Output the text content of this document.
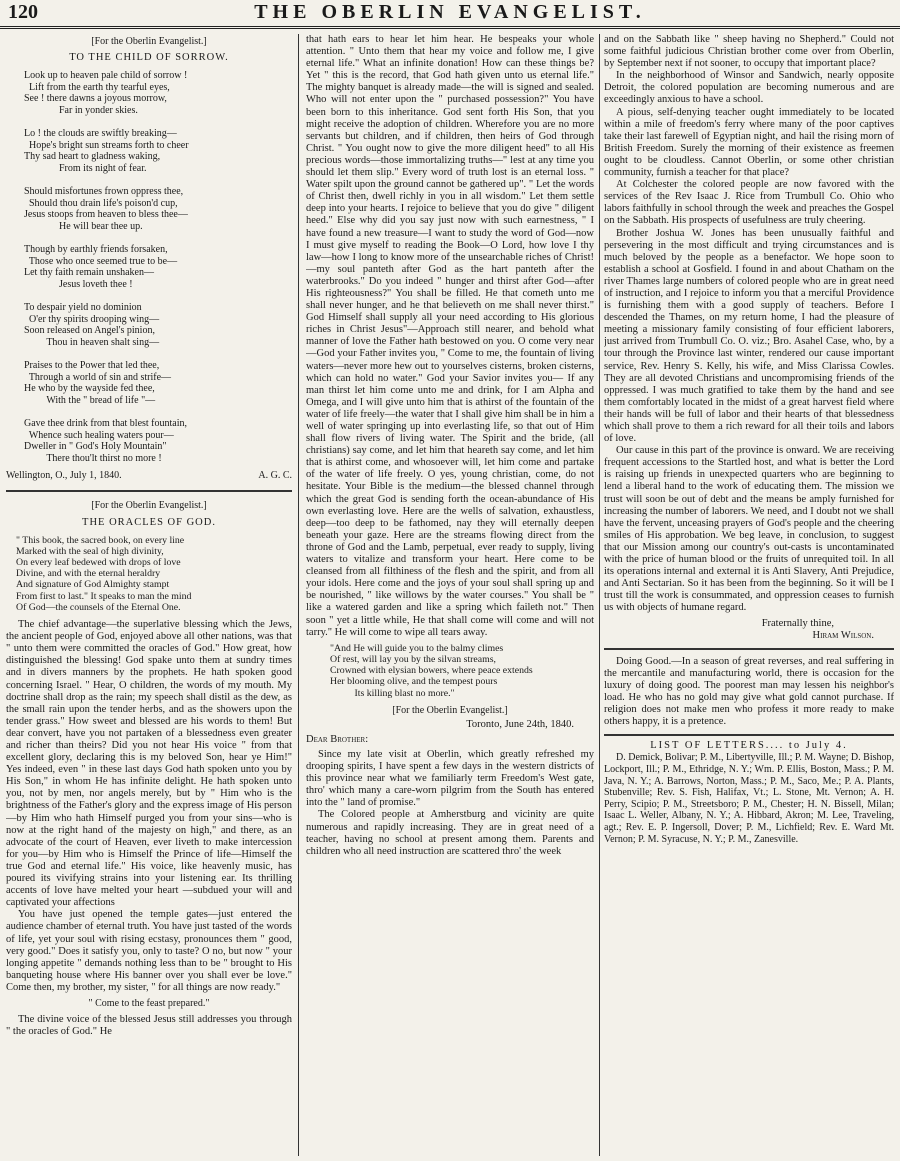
120	THE OBERLIN EVANGELIST.
[For the Oberlin Evangelist.]
TO THE CHILD OF SORROW.
Look up to heaven pale child of sorrow !
Lift from the earth thy tearful eyes,
See ! there dawns a joyous morrow,
Far in yonder skies.

Lo ! the clouds are swiftly breaking—
Hope's bright sun streams forth to cheer
Thy sad heart to gladness waking,
From its night of fear.

Should misfortunes frown oppress thee,
Should thou drain life's poison'd cup,
Jesus stoops from heaven to bless thee—
He will bear thee up.

Though by earthly friends forsaken,
Those who once seemed true to be—
Let thy faith remain unshaken—
Jesus loveth thee !

To despair yield no dominion
O'er thy spirits drooping wing—
Soon released on Angel's pinion,
Thou in heaven shalt sing—

Praises to the Power that led thee,
Through a world of sin and strife—
He who by the wayside fed thee,
With the " bread of life "—

Gave thee drink from that blest fountain,
Whence such healing waters pour—
Dweller in " God's Holy Mountain"
There thou'lt thirst no more !
Wellington, O., July 1, 1840.	A. G. C.
[For the Oberlin Evangelist.]
THE ORACLES OF GOD.
" This book, the sacred book, on every line
Marked with the seal of high divinity,
On every leaf bedewed with drops of love
Divine, and with the eternal heraldry
And signature of God Almighty stampt
From first to last." It speaks to man the mind
Of God—the counsels of the Eternal One.

The chief advantage—the superlative blessing which the Jews, the ancient people of God, enjoyed above all other nations, was that " unto them were committed the oracles of God." How great, how distinguished the blessing! God spake unto them at sundry times and in divers manners by the prophets. He hath spoken good concerning Israel. " Hear, O children, the words of my mouth. My doctrine shall drop as the rain; my speech shall distil as the dew, as the small rain upon the tender herbs, and as the showers upon the tender grass." How sweet and blessed are his words to them! But dear convert, have you not partaken of a blessedness even greater and richer than theirs? Did you not hear His voice " from that excellent glory, declaring this is my beloved Son, hear ye Him!" Yes indeed, even " in these last days God hath spoken unto you by His Son," in whom He has infinite delight. He hath spoken unto you, not by men, nor angels merely, but by " Him who is the brightness of the Father's glory and the express image of His person—by Him who hath Himself purged you from your sins—who is now at the right hand of the majesty on high," and there, as an advocate of the court of Heaven, ever liveth to make intercession for you—by Him who is Himself the Prince of life—Himself the true God and eternal life." His voice, like heavenly music, has poured its vivifying strains into your listening ear. Its thrilling accents of love have melted your heart —subdued your will and captivated your affections

You have just opened the temple gates—just entered the audience chamber of eternal truth. You have just tasted of the words of life, yet your soul with rising ecstasy, pronounces them " good, very good." Does it satisfy you, only to taste? O no, but now " your longing appetite " demands nothing less than to be " brought to His banqueting house where His banner over you shall ever be love." Come then, my brother, my sister, " for all things are now ready."

" Come to the feast prepared."

The divine voice of the blessed Jesus still addresses you through " the oracles of God." He

that hath ears to hear let him hear. He bespeaks your whole attention. " Unto them that hear my voice and follow me, I give eternal life." What an infinite donation! How can these things be? Yet " this is the record, that God hath given unto us eternal life." The mighty banquet is already made—the will is signed and sealed. Who will not enter upon the " purchased possession?" You have been born to this inheritance. God sent forth His Son, that you might receive the adoption of children. Wherefore you are no more servants but children, and if children, then heirs of God through Christ. " You ought now to give the more diligent heed" to all His precious words—those immortalizing truths—" lest at any time you should let them slip." Every word of truth lost is an eternal loss. " Water spilt upon the ground cannot be gathered up". " Let the words of Christ then, dwell richly in you in all wisdom." Let them settle deep into your hearts. I rejoice to believe that you do give " diligent heed." Else why did you say just now with such earnestness, " I have found a new treasure—I want to study the word of God—now I must give myself to reading the Book—O Lord, how love I thy law—how I long to know more of the unsearchable riches of Christ!—my soul panteth after God as the hart panteth after the waterbrooks." Do you indeed " hunger and thirst after God—after His righteousness?" You shall be filled. He that cometh unto me shall never hunger, and he that believeth on me shall never thirst." God Himself shall supply all your need according to His glorious riches in Christ Jesus"—Approach still nearer, and behold what manner of love the Father hath bestowed on you. O come very near —God your Father invites you, " Come to me, the fountain of living waters—never more hew out to yourselves cisterns, broken cisterns, which can hold no water." God your Savior invites you— If any man thirst let him come unto me and drink, for I am Alpha and Omega, and I will give unto him that is athirst of the fountain of the water of life freely—the water that I shall give him shall be in him a well of water springing up into everlasting life, so that out of Him shall flow rivers of living water. The Spirit and the bride, (all christians) say come, and let him that heareth say come, and let him that is athirst come, and whosoever will, let him come and partake of the water of life freely. O yes, young christian, come, do not hesitate. Your Bible is the medium—the blessed channel through which the great God is sending forth the ocean-abundance of His own everlasting love. Here are the wells of salvation, exhaustless, deep—too deep to be fathomed, nay they will eternally deepen beneath your gaze. Here are the streams flowing direct from the throne of God and the Lamb, perpetual, ever ready to supply, living waters to vitalize and transform your heart. Here come to be cleansed from all filthiness of the flesh and the spirit, and from all your idols. Here come and the joys of your soul shall spring up and be nourished, " like willows by the water courses." You shall be " like a watered garden and like a spring which faileth not." Then soon " yet a little while, He that shall come will come and will not tarry." He will come to wipe all tears away.

"And He will guide you to the balmy climes
Of rest, will lay you by the silvan streams,
Crowned with elysian bowers, where peace extends
Her blooming olive, and the tempest pours
Its killing blast no more."
[For the Oberlin Evangelist.]
Toronto, June 24th, 1840.
Dear Brother:

Since my late visit at Oberlin, which greatly refreshed my drooping spirits, I have spent a few days in the western districts of this province near what we familiarly term Freedom's West gate, thro' which many a care-worn pilgrim from the South has entered into the " land of promise."

The Colored people at Amherstburg and vicinity are quite numerous and rapidly increasing. They are in great need of a teacher, having no school at present among them. Parents and children who all need instruction are scattered thro' the week

and on the Sabbath like " sheep having no Shepherd." Could not some faithful judicious Christian brother come over from Oberlin, by September next if not sooner, to occupy that important place?

In the neighborhood of Winsor and Sandwich, nearly opposite Detroit, the colored population are becoming numerous and are exceedingly anxious to have a school.

A pious, self-denying teacher ought immediately to be located within a mile of freedom's ferry where many of the poor captives take their last farewell of Egyptian night, and hail the rising morn of British Freedom. Surely the morning of their existence as freemen ought to be cloudless. Cannot Oberlin, or some other christian community, furnish a teacher for that place?

At Colchester the colored people are now favored with the services of the Rev Isaac J. Rice from Trumbull Co. Ohio who labors faithfully in school through the week and preaches the Gospel on the Sabbath. His prospects of usefulness are truly cheering.

Brother Joshua W. Jones has been unusually faithful and persevering in the most difficult and trying circumstances and is much beloved by the people as a benefactor. We hope soon to establish a school at Gosfield. I found in and about Chatham on the river Thames large numbers of colored people who are in great need of instruction, and I rejoice to inform you that a merciful Providence is furnishing them with a good supply of teachers. Before I descended the Thames, on my return home, I had the pleasure of meeting a missionary family consisting of four efficient laborers, just arrived from Trumbull Co. O. viz.; Bro. Asahel Case, who, by a tour through the Province last winter, rendered our cause important service, Rev. Henry S. Kelly, his wife, and Miss Clarissa Cowles. They are all devoted Christians and uncompromising friends of the oppressed. I was much gratified to take them by the hand and see them comfortably located in the midst of a great harvest field where their hands will be full of labor and their hearts of that blessedness which shall prove to them a rich reward for all their toils and labors of love.

Our cause in this part of the province is onward. We are receiving frequent accessions to the Startled host, and what is better the Lord is raising up friends in unexpected quarters who are beginning to lend a liberal hand to the work of educating them. The mission we trust will soon be out of debt and the means be amply furnished for increasing the number of laborers. We need, and I doubt not we shall have the fervent, unceasing prayers of God's people and the cheering smiles of His approbation. We beg leave, in conclusion, to suggest that our Mission among our country's out-casts is uncontaminated with the price of human blood or the fruits of unrequited toil. In all its operations internal and external it is Anti Slavery, Anti Prejudice, and Anti Sectarian. So it has been from the beginning. So it will be I trust till the work is consummated, and oppression ceases to furnish us with objects of humane regard.

Fraternally thine,
Hiram Wilson.

Doing Good.—In a season of great reverses, and real suffering in the mercantile and manufacturing world, there is occasion for the luxury of doing good. The poorest man may lessen his neighbor's load. He who has no gold may give what gold cannot purchase. If religion does not make men who profess it more ready to make others happy, it is a pretence.

LIST OF LETTERS.... to July 4.

D. Demick, Bolivar; P. M., Libertyville, Ill.; P. M. Wayne; D. Bishop, Lockport, Ill.; P. M., Ethridge, N. Y.; Wm. P. Ellis, Boston, Mass.; P. M. Java, N. Y.; A. Barrows, Norton, Mass.; P. M., Saco, Me.; P. A. Plants, Stubenville; Rev. S. Fish, Halifax, Vt.; L. Stone, Mt. Vernon; A. H. Perry, Scipio; P. M., Streetsboro; P. M., Chester; H. N. Bissell, Milan; Isaac L. Weller, Albany, N. Y.; A. Hibbard, Akron; M. Lee, Traveling, agt.; Rev. E. P. Ingersoll, Dover; P. M., Lichfield; Rev. E. Ward Mt. Vernon; P. M. Syracuse, N. Y.; P. M., Zanesville.
